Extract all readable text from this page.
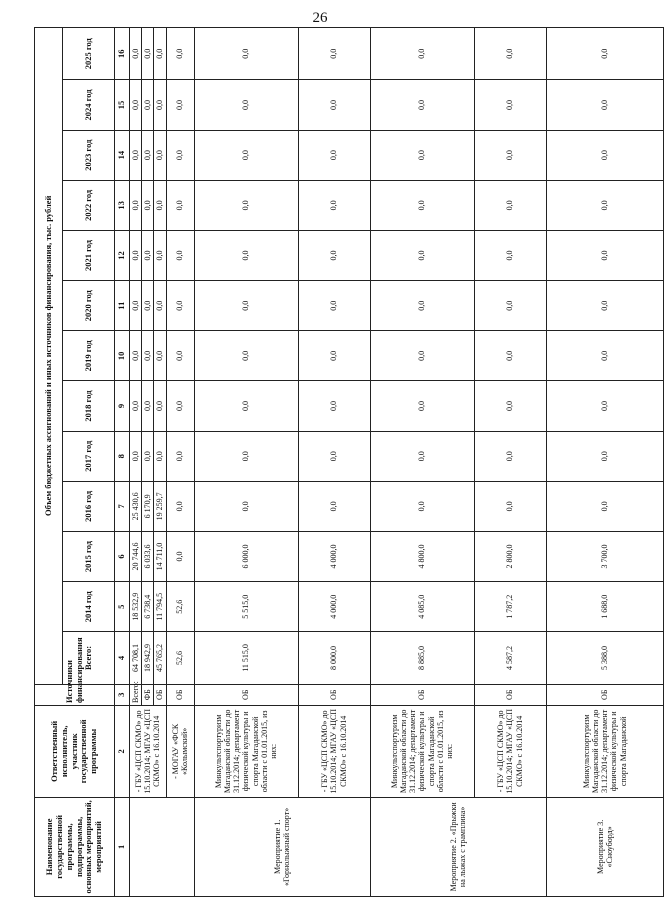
26
Наименование государственной программы, подпрограммы, основных мероприятий, мероприятий	Ответственный исполнитель, участник государственной программы	Источники финансирования	Объем бюджетных ассигнований и иных источников финансирования, тыс. рублей												
			Всего:	2014 год	2015 год	2016 год	2017 год	2018 год	2019 год	2020 год	2021 год	2022 год	2023 год	2024 год	2025 год
1	2	3	4	5	6	7	8	9	10	11	12	13	14	15	16
	- ГБУ «ЦСП СКМО» до 15.10.2014; МГАУ «ЦСП СКМО» с 16.10.2014	Всего:	64 708,1	18 532,9	20 744,6	25 430,6	0,0	0,0	0,0	0,0	0,0	0,0	0,0	0,0	0,0
		ФБ	18 942,9	6 738,4	6 033,6	6 170,9	0,0	0,0	0,0	0,0	0,0	0,0	0,0	0,0	0,0
		ОБ	45 765,2	11 794,5	14 711,0	19 259,7	0,0	0,0	0,0	0,0	0,0	0,0	0,0	0,0	0,0
	- МОГАУ «ФСК «Колымский»	ОБ	52,6	52,6	0,0	0,0	0,0	0,0	0,0	0,0	0,0	0,0	0,0	0,0	0,0
Мероприятие 1. «Горнолыжный спорт»	Минкультспортуризм Магаданской области до 31.12.2014; департамент физической культуры и спорта Магаданской области с 01.01.2015, из них:	ОБ	11 515,0	5 515,0	6 000,0	0,0	0,0	0,0	0,0	0,0	0,0	0,0	0,0	0,0	0,0
	- ГБУ «ЦСП СКМО» до 15.10.2014; МГАУ «ЦСП СКМО» с 16.10.2014	ОБ	8 000,0	4 000,0	4 000,0	0,0	0,0	0,0	0,0	0,0	0,0	0,0	0,0	0,0	0,0
Мероприятие 2. «Прыжки на лыжах с трамплина»	Минкультспортуризм Магаданской области до 31.12.2014; департамент физической культуры и спорта Магаданской области с 01.01.2015, из них:	ОБ	8 885,0	4 085,0	4 800,0	0,0	0,0	0,0	0,0	0,0	0,0	0,0	0,0	0,0	0,0
	- ГБУ «ЦСП СКМО» до 15.10.2014; МГАУ «ЦСП СКМО» с 16.10.2014	ОБ	4 587,2	1 787,2	2 800,0	0,0	0,0	0,0	0,0	0,0	0,0	0,0	0,0	0,0	0,0
Мероприятие 3. «Сноуборд»	Минкультспортуризм Магаданской области до 31.12.2014; департамент физической культуры и спорта Магаданской	ОБ	5 388,0	1 688,0	3 700,0	0,0	0,0	0,0	0,0	0,0	0,0	0,0	0,0	0,0	0,0
